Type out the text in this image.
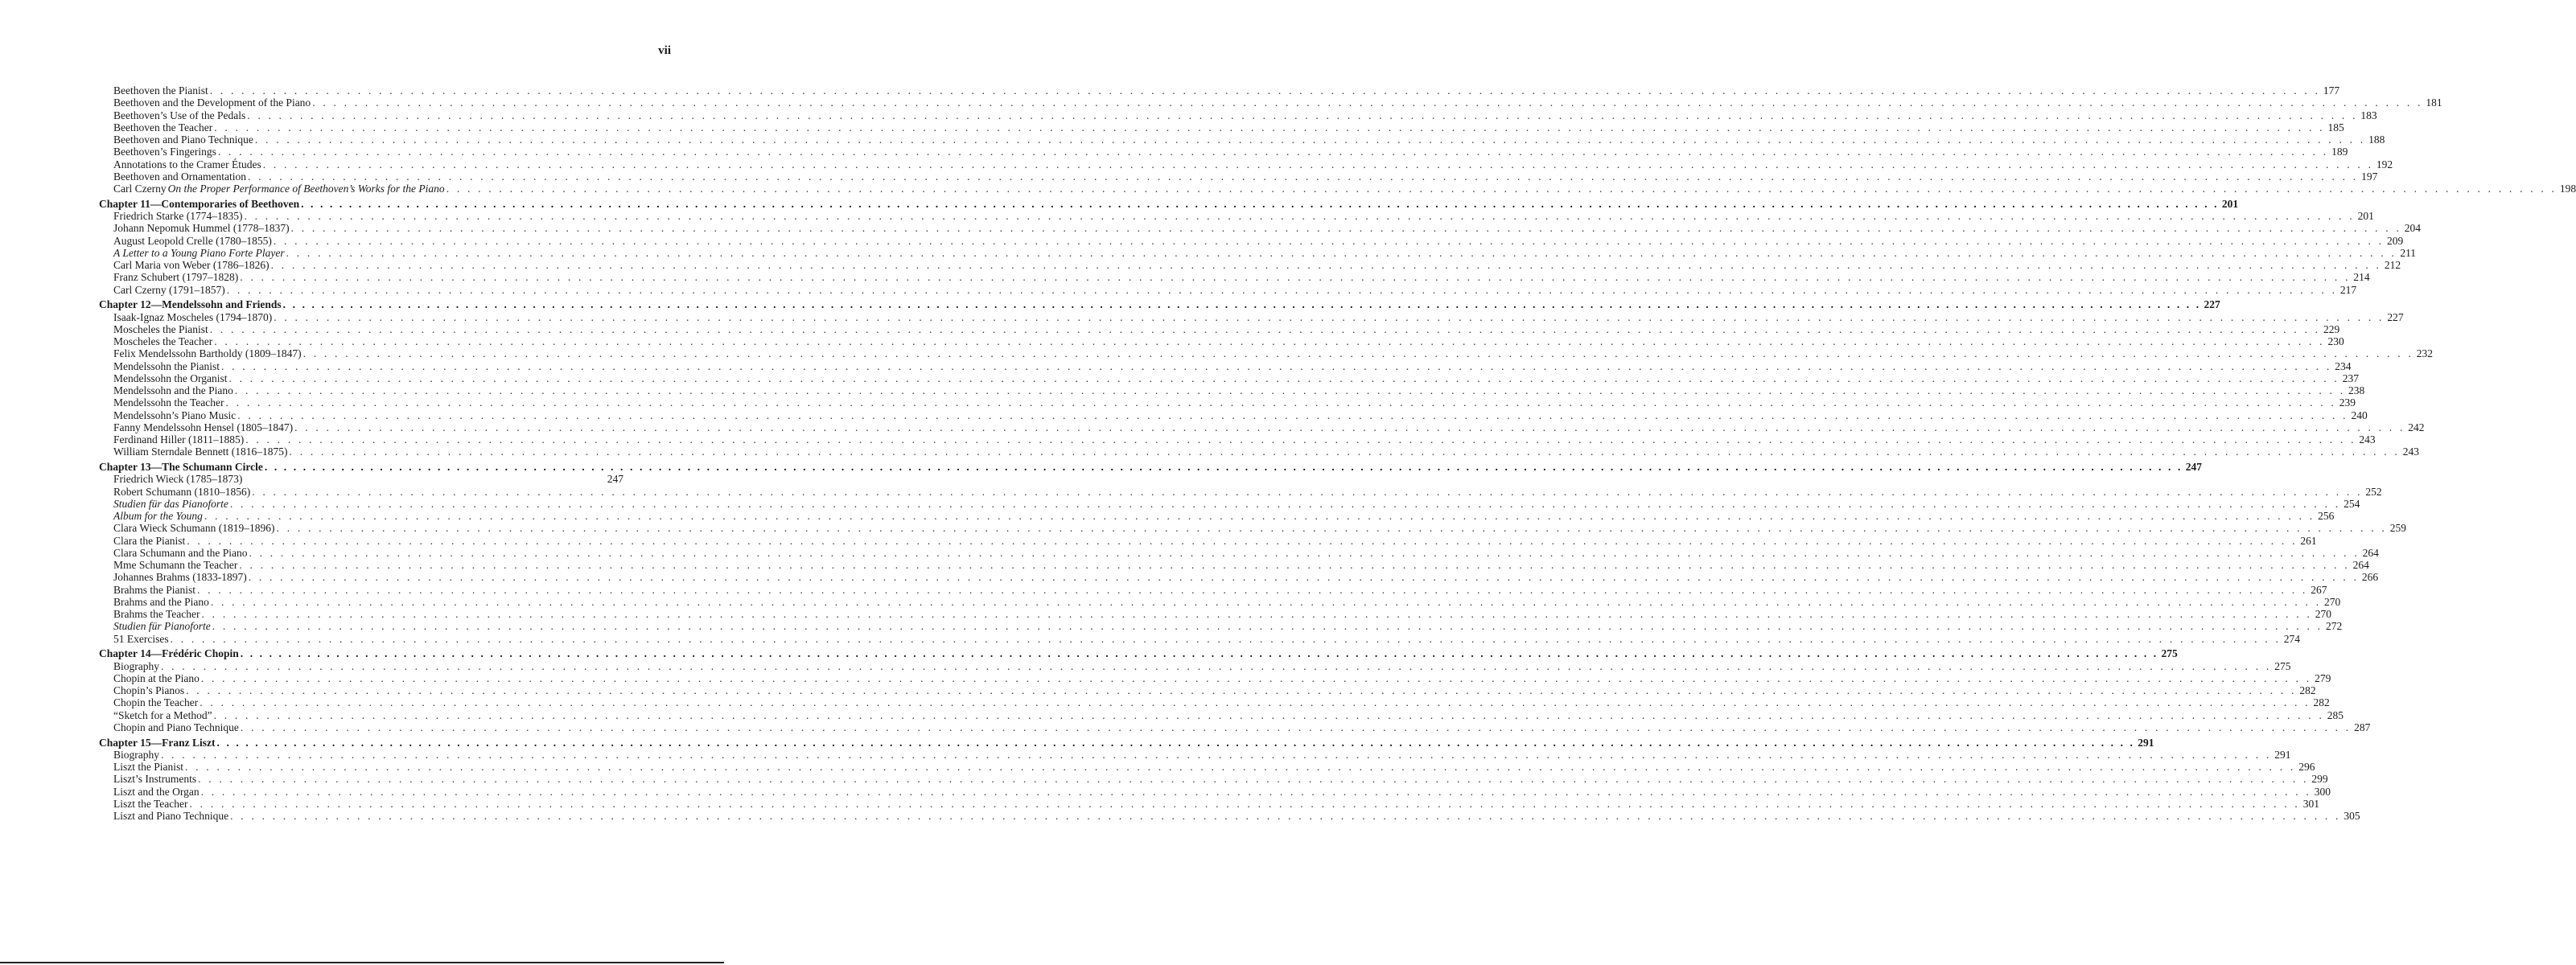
vii
Beethoven the Pianist . . . . . . . . . . . . . . . . . . . . . . . . . . . . . . . . . . . . . . . . . . . . . . . . . . . . . . . . . . . . . . . . . . . . . . . . . . . . . . . . . . . . . . . . . . . . . . . . . . . . . . . . . . . . . . . . . . . . . . . . . . . . . . . . . . . . . . . . . . . . . . . . . . . . . . . . . . . . . . . . . . . . . . . . . . . . . . . . . . . . . . . . . . . . . . . . . . . . . . . . 177
Beethoven and the Development of the Piano . . . . . . . . . . . . . . . . . . . . . . . . . . . . . . . . . . . . . . . . . . . . . . . . . . . . . . . . . . . . . . . . . . . . . . . . . . . . . . . . . . . . . . . . . . . . . . . . . . . . . . . . . . . . . . . . . . . . . . . . . . . . . . . . . . . . . . . . . . . . . . . . . . . . . . . . . . . . . . . . . . . . . . . . . . . . . . . . . . . . . . . . . . . . . . . . . . . . . . . . 181
Beethoven’s Use of the Pedals . . . . . . . . . . . . . . . . . . . . . . . . . . . . . . . . . . . . . . . . . . . . . . . . . . . . . . . . . . . . . . . . . . . . . . . . . . . . . . . . . . . . . . . . . . . . . . . . . . . . . . . . . . . . . . . . . . . . . . . . . . . . . . . . . . . . . . . . . . . . . . . . . . . . . . . . . . . . . . . . . . . . . . . . . . . . . . . . . . . . . . . . . . . . . . . . . . . . . . . . 183
Beethoven the Teacher . . . . . . . . . . . . . . . . . . . . . . . . . . . . . . . . . . . . . . . . . . . . . . . . . . . . . . . . . . . . . . . . . . . . . . . . . . . . . . . . . . . . . . . . . . . . . . . . . . . . . . . . . . . . . . . . . . . . . . . . . . . . . . . . . . . . . . . . . . . . . . . . . . . . . . . . . . . . . . . . . . . . . . . . . . . . . . . . . . . . . . . . . . . . . . . . . . . . . . . . 185
Beethoven and Piano Technique . . . . . . . . . . . . . . . . . . . . . . . . . . . . . . . . . . . . . . . . . . . . . . . . . . . . . . . . . . . . . . . . . . . . . . . . . . . . . . . . . . . . . . . . . . . . . . . . . . . . . . . . . . . . . . . . . . . . . . . . . . . . . . . . . . . . . . . . . . . . . . . . . . . . . . . . . . . . . . . . . . . . . . . . . . . . . . . . . . . . . . . . . . . . . . . . . . . . . . . . 188
Beethoven’s Fingerings . . . . . . . . . . . . . . . . . . . . . . . . . . . . . . . . . . . . . . . . . . . . . . . . . . . . . . . . . . . . . . . . . . . . . . . . . . . . . . . . . . . . . . . . . . . . . . . . . . . . . . . . . . . . . . . . . . . . . . . . . . . . . . . . . . . . . . . . . . . . . . . . . . . . . . . . . . . . . . . . . . . . . . . . . . . . . . . . . . . . . . . . . . . . . . . . . . . . . . . . 189
Annotations to the Cramer Études . . . . . . . . . . . . . . . . . . . . . . . . . . . . . . . . . . . . . . . . . . . . . . . . . . . . . . . . . . . . . . . . . . . . . . . . . . . . . . . . . . . . . . . . . . . . . . . . . . . . . . . . . . . . . . . . . . . . . . . . . . . . . . . . . . . . . . . . . . . . . . . . . . . . . . . . . . . . . . . . . . . . . . . . . . . . . . . . . . . . . . . . . . . . . . . . . . . . . . . . 192
Beethoven and Ornamentation . . . . . . . . . . . . . . . . . . . . . . . . . . . . . . . . . . . . . . . . . . . . . . . . . . . . . . . . . . . . . . . . . . . . . . . . . . . . . . . . . . . . . . . . . . . . . . . . . . . . . . . . . . . . . . . . . . . . . . . . . . . . . . . . . . . . . . . . . . . . . . . . . . . . . . . . . . . . . . . . . . . . . . . . . . . . . . . . . . . . . . . . . . . . . . . . . . . . . . . . 197
Carl Czerny On the Proper Performance of Beethoven’s Works for the Piano . . . . . . . . . . . . . . . . . . . . . . . . . . . . . . . . . . . . . . . . . . . . . . . . . . . . . . . . . . . . . . . . . . . . . . . . . . . . . . . . . . . . . . . . . . . . . . . . . . . . . . . . . . . . . . . . . . . . . . . . . . . . . . . . . . . . . . . . . . . . . . . . . . . . . . . . . . . . . . . . . . . . . . . . . . . . . . . . . . . . . . . . . . . . . . . . . . . . . . . . 198
Chapter 11—Contemporaries of Beethoven . . . . . . . . . . . . . . . . . . . . . . . . . . . . . . . . . . . . . . . . . . . . . . . . . . . . . . . . . . . . . . . . . . . . . . . . . . . . . . . . . . . . . . . . . . . . . . . . . . . . . . . . . . . . . . . . . . . . . . . . . . . . . . . . . . . . . . . . . . . . . . . . . . . . . . . . . . . . . . . . . . . . . . . . . . . . . . . . . . . . . . . . . . . . . . . . . . . . . . . . 201
Friedrich Starke (1774–1835) . . . . . . . . . . . . . . . . . . . . . . . . . . . . . . . . . . . . . . . . . . . . . . . . . . . . . . . . . . . . . . . . . . . . . . . . . . . . . . . . . . . . . . . . . . . . . . . . . . . . . . . . . . . . . . . . . . . . . . . . . . . . . . . . . . . . . . . . . . . . . . . . . . . . . . . . . . . . . . . . . . . . . . . . . . . . . . . . . . . . . . . . . . . . . . . . . . . . . . . . 201
Johann Nepomuk Hummel (1778–1837) . . . . . . . . . . . . . . . . . . . . . . . . . . . . . . . . . . . . . . . . . . . . . . . . . . . . . . . . . . . . . . . . . . . . . . . . . . . . . . . . . . . . . . . . . . . . . . . . . . . . . . . . . . . . . . . . . . . . . . . . . . . . . . . . . . . . . . . . . . . . . . . . . . . . . . . . . . . . . . . . . . . . . . . . . . . . . . . . . . . . . . . . . . . . . . . . . . . . . . . . 204
August Leopold Crelle (1780–1855) . . . . . . . . . . . . . . . . . . . . . . . . . . . . . . . . . . . . . . . . . . . . . . . . . . . . . . . . . . . . . . . . . . . . . . . . . . . . . . . . . . . . . . . . . . . . . . . . . . . . . . . . . . . . . . . . . . . . . . . . . . . . . . . . . . . . . . . . . . . . . . . . . . . . . . . . . . . . . . . . . . . . . . . . . . . . . . . . . . . . . . . . . . . . . . . . . . . . . . . . 209
A Letter to a Young Piano Forte Player . . . . . . . . . . . . . . . . . . . . . . . . . . . . . . . . . . . . . . . . . . . . . . . . . . . . . . . . . . . . . . . . . . . . . . . . . . . . . . . . . . . . . . . . . . . . . . . . . . . . . . . . . . . . . . . . . . . . . . . . . . . . . . . . . . . . . . . . . . . . . . . . . . . . . . . . . . . . . . . . . . . . . . . . . . . . . . . . . . . . . . . . . . . . . . . . . . . . . . . . 211
Carl Maria von Weber (1786–1826) . . . . . . . . . . . . . . . . . . . . . . . . . . . . . . . . . . . . . . . . . . . . . . . . . . . . . . . . . . . . . . . . . . . . . . . . . . . . . . . . . . . . . . . . . . . . . . . . . . . . . . . . . . . . . . . . . . . . . . . . . . . . . . . . . . . . . . . . . . . . . . . . . . . . . . . . . . . . . . . . . . . . . . . . . . . . . . . . . . . . . . . . . . . . . . . . . . . . . . . . 212
Franz Schubert (1797–1828) . . . . . . . . . . . . . . . . . . . . . . . . . . . . . . . . . . . . . . . . . . . . . . . . . . . . . . . . . . . . . . . . . . . . . . . . . . . . . . . . . . . . . . . . . . . . . . . . . . . . . . . . . . . . . . . . . . . . . . . . . . . . . . . . . . . . . . . . . . . . . . . . . . . . . . . . . . . . . . . . . . . . . . . . . . . . . . . . . . . . . . . . . . . . . . . . . . . . . . . . 214
Carl Czerny (1791–1857) . . . . . . . . . . . . . . . . . . . . . . . . . . . . . . . . . . . . . . . . . . . . . . . . . . . . . . . . . . . . . . . . . . . . . . . . . . . . . . . . . . . . . . . . . . . . . . . . . . . . . . . . . . . . . . . . . . . . . . . . . . . . . . . . . . . . . . . . . . . . . . . . . . . . . . . . . . . . . . . . . . . . . . . . . . . . . . . . . . . . . . . . . . . . . . . . . . . . . . . . 217
Chapter 12—Mendelssohn and Friends . . . . . . . . . . . . . . . . . . . . . . . . . . . . . . . . . . . . . . . . . . . . . . . . . . . . . . . . . . . . . . . . . . . . . . . . . . . . . . . . . . . . . . . . . . . . . . . . . . . . . . . . . . . . . . . . . . . . . . . . . . . . . . . . . . . . . . . . . . . . . . . . . . . . . . . . . . . . . . . . . . . . . . . . . . . . . . . . . . . . . . . . . . . . . . . . . . . . . . . . 227
Isaak-Ignaz Moscheles (1794–1870) . . . . . . . . . . . . . . . . . . . . . . . . . . . . . . . . . . . . . . . . . . . . . . . . . . . . . . . . . . . . . . . . . . . . . . . . . . . . . . . . . . . . . . . . . . . . . . . . . . . . . . . . . . . . . . . . . . . . . . . . . . . . . . . . . . . . . . . . . . . . . . . . . . . . . . . . . . . . . . . . . . . . . . . . . . . . . . . . . . . . . . . . . . . . . . . . . . . . . . . . 227
Moscheles the Pianist . . . . . . . . . . . . . . . . . . . . . . . . . . . . . . . . . . . . . . . . . . . . . . . . . . . . . . . . . . . . . . . . . . . . . . . . . . . . . . . . . . . . . . . . . . . . . . . . . . . . . . . . . . . . . . . . . . . . . . . . . . . . . . . . . . . . . . . . . . . . . . . . . . . . . . . . . . . . . . . . . . . . . . . . . . . . . . . . . . . . . . . . . . . . . . . . . . . . . . . . 229
Moscheles the Teacher . . . . . . . . . . . . . . . . . . . . . . . . . . . . . . . . . . . . . . . . . . . . . . . . . . . . . . . . . . . . . . . . . . . . . . . . . . . . . . . . . . . . . . . . . . . . . . . . . . . . . . . . . . . . . . . . . . . . . . . . . . . . . . . . . . . . . . . . . . . . . . . . . . . . . . . . . . . . . . . . . . . . . . . . . . . . . . . . . . . . . . . . . . . . . . . . . . . . . . . . 230
Felix Mendelssohn Bartholdy (1809–1847) . . . . . . . . . . . . . . . . . . . . . . . . . . . . . . . . . . . . . . . . . . . . . . . . . . . . . . . . . . . . . . . . . . . . . . . . . . . . . . . . . . . . . . . . . . . . . . . . . . . . . . . . . . . . . . . . . . . . . . . . . . . . . . . . . . . . . . . . . . . . . . . . . . . . . . . . . . . . . . . . . . . . . . . . . . . . . . . . . . . . . . . . . . . . . . . . . . . . . . . . 232
Mendelssohn the Pianist . . . . . . . . . . . . . . . . . . . . . . . . . . . . . . . . . . . . . . . . . . . . . . . . . . . . . . . . . . . . . . . . . . . . . . . . . . . . . . . . . . . . . . . . . . . . . . . . . . . . . . . . . . . . . . . . . . . . . . . . . . . . . . . . . . . . . . . . . . . . . . . . . . . . . . . . . . . . . . . . . . . . . . . . . . . . . . . . . . . . . . . . . . . . . . . . . . . . . . . . 234
Mendelssohn the Organist . . . . . . . . . . . . . . . . . . . . . . . . . . . . . . . . . . . . . . . . . . . . . . . . . . . . . . . . . . . . . . . . . . . . . . . . . . . . . . . . . . . . . . . . . . . . . . . . . . . . . . . . . . . . . . . . . . . . . . . . . . . . . . . . . . . . . . . . . . . . . . . . . . . . . . . . . . . . . . . . . . . . . . . . . . . . . . . . . . . . . . . . . . . . . . . . . . . . . . . . 237
Mendelssohn and the Piano . . . . . . . . . . . . . . . . . . . . . . . . . . . . . . . . . . . . . . . . . . . . . . . . . . . . . . . . . . . . . . . . . . . . . . . . . . . . . . . . . . . . . . . . . . . . . . . . . . . . . . . . . . . . . . . . . . . . . . . . . . . . . . . . . . . . . . . . . . . . . . . . . . . . . . . . . . . . . . . . . . . . . . . . . . . . . . . . . . . . . . . . . . . . . . . . . . . . . . . . 238
Mendelssohn the Teacher . . . . . . . . . . . . . . . . . . . . . . . . . . . . . . . . . . . . . . . . . . . . . . . . . . . . . . . . . . . . . . . . . . . . . . . . . . . . . . . . . . . . . . . . . . . . . . . . . . . . . . . . . . . . . . . . . . . . . . . . . . . . . . . . . . . . . . . . . . . . . . . . . . . . . . . . . . . . . . . . . . . . . . . . . . . . . . . . . . . . . . . . . . . . . . . . . . . . . . . . 239
Mendelssohn’s Piano Music . . . . . . . . . . . . . . . . . . . . . . . . . . . . . . . . . . . . . . . . . . . . . . . . . . . . . . . . . . . . . . . . . . . . . . . . . . . . . . . . . . . . . . . . . . . . . . . . . . . . . . . . . . . . . . . . . . . . . . . . . . . . . . . . . . . . . . . . . . . . . . . . . . . . . . . . . . . . . . . . . . . . . . . . . . . . . . . . . . . . . . . . . . . . . . . . . . . . . . . . 240
Fanny Mendelssohn Hensel (1805–1847) . . . . . . . . . . . . . . . . . . . . . . . . . . . . . . . . . . . . . . . . . . . . . . . . . . . . . . . . . . . . . . . . . . . . . . . . . . . . . . . . . . . . . . . . . . . . . . . . . . . . . . . . . . . . . . . . . . . . . . . . . . . . . . . . . . . . . . . . . . . . . . . . . . . . . . . . . . . . . . . . . . . . . . . . . . . . . . . . . . . . . . . . . . . . . . . . . . . . . . . . 242
Ferdinand Hiller (1811–1885) . . . . . . . . . . . . . . . . . . . . . . . . . . . . . . . . . . . . . . . . . . . . . . . . . . . . . . . . . . . . . . . . . . . . . . . . . . . . . . . . . . . . . . . . . . . . . . . . . . . . . . . . . . . . . . . . . . . . . . . . . . . . . . . . . . . . . . . . . . . . . . . . . . . . . . . . . . . . . . . . . . . . . . . . . . . . . . . . . . . . . . . . . . . . . . . . . . . . . . . . 243
William Sterndale Bennett (1816–1875) . . . . . . . . . . . . . . . . . . . . . . . . . . . . . . . . . . . . . . . . . . . . . . . . . . . . . . . . . . . . . . . . . . . . . . . . . . . . . . . . . . . . . . . . . . . . . . . . . . . . . . . . . . . . . . . . . . . . . . . . . . . . . . . . . . . . . . . . . . . . . . . . . . . . . . . . . . . . . . . . . . . . . . . . . . . . . . . . . . . . . . . . . . . . . . . . . . . . . . . . 243
Chapter 13—The Schumann Circle . . . . . . . . . . . . . . . . . . . . . . . . . . . . . . . . . . . . . . . . . . . . . . . . . . . . . . . . . . . . . . . . . . . . . . . . . . . . . . . . . . . . . . . . . . . . . . . . . . . . . . . . . . . . . . . . . . . . . . . . . . . . . . . . . . . . . . . . . . . . . . . . . . . . . . . . . . . . . . . . . . . . . . . . . . . . . . . . . . . . . . . . . . . . . . . . . . . . . . . . 247
Friedrich Wieck (1785–1873)	247
Robert Schumann (1810–1856) . . . . . . . . . . . . . . . . . . . . . . . . . . . . . . . . . . . . . . . . . . . . . . . . . . . . . . . . . . . . . . . . . . . . . . . . . . . . . . . . . . . . . . . . . . . . . . . . . . . . . . . . . . . . . . . . . . . . . . . . . . . . . . . . . . . . . . . . . . . . . . . . . . . . . . . . . . . . . . . . . . . . . . . . . . . . . . . . . . . . . . . . . . . . . . . . . . . . . . . . 252
Studien für das Pianoforte . . . . . . . . . . . . . . . . . . . . . . . . . . . . . . . . . . . . . . . . . . . . . . . . . . . . . . . . . . . . . . . . . . . . . . . . . . . . . . . . . . . . . . . . . . . . . . . . . . . . . . . . . . . . . . . . . . . . . . . . . . . . . . . . . . . . . . . . . . . . . . . . . . . . . . . . . . . . . . . . . . . . . . . . . . . . . . . . . . . . . . . . . . . . . . . . . . . . . . . . 254
Album for the Young . . . . . . . . . . . . . . . . . . . . . . . . . . . . . . . . . . . . . . . . . . . . . . . . . . . . . . . . . . . . . . . . . . . . . . . . . . . . . . . . . . . . . . . . . . . . . . . . . . . . . . . . . . . . . . . . . . . . . . . . . . . . . . . . . . . . . . . . . . . . . . . . . . . . . . . . . . . . . . . . . . . . . . . . . . . . . . . . . . . . . . . . . . . . . . . . . . . . . . . . 256
Clara Wieck Schumann (1819–1896) . . . . . . . . . . . . . . . . . . . . . . . . . . . . . . . . . . . . . . . . . . . . . . . . . . . . . . . . . . . . . . . . . . . . . . . . . . . . . . . . . . . . . . . . . . . . . . . . . . . . . . . . . . . . . . . . . . . . . . . . . . . . . . . . . . . . . . . . . . . . . . . . . . . . . . . . . . . . . . . . . . . . . . . . . . . . . . . . . . . . . . . . . . . . . . . . . . . . . . . . 259
Clara the Pianist . . . . . . . . . . . . . . . . . . . . . . . . . . . . . . . . . . . . . . . . . . . . . . . . . . . . . . . . . . . . . . . . . . . . . . . . . . . . . . . . . . . . . . . . . . . . . . . . . . . . . . . . . . . . . . . . . . . . . . . . . . . . . . . . . . . . . . . . . . . . . . . . . . . . . . . . . . . . . . . . . . . . . . . . . . . . . . . . . . . . . . . . . . . . . . . . . . . . . . . . 261
Clara Schumann and the Piano . . . . . . . . . . . . . . . . . . . . . . . . . . . . . . . . . . . . . . . . . . . . . . . . . . . . . . . . . . . . . . . . . . . . . . . . . . . . . . . . . . . . . . . . . . . . . . . . . . . . . . . . . . . . . . . . . . . . . . . . . . . . . . . . . . . . . . . . . . . . . . . . . . . . . . . . . . . . . . . . . . . . . . . . . . . . . . . . . . . . . . . . . . . . . . . . . . . . . . . . 264
Mme Schumann the Teacher . . . . . . . . . . . . . . . . . . . . . . . . . . . . . . . . . . . . . . . . . . . . . . . . . . . . . . . . . . . . . . . . . . . . . . . . . . . . . . . . . . . . . . . . . . . . . . . . . . . . . . . . . . . . . . . . . . . . . . . . . . . . . . . . . . . . . . . . . . . . . . . . . . . . . . . . . . . . . . . . . . . . . . . . . . . . . . . . . . . . . . . . . . . . . . . . . . . . . . . . 264
Johannes Brahms (1833-1897) . . . . . . . . . . . . . . . . . . . . . . . . . . . . . . . . . . . . . . . . . . . . . . . . . . . . . . . . . . . . . . . . . . . . . . . . . . . . . . . . . . . . . . . . . . . . . . . . . . . . . . . . . . . . . . . . . . . . . . . . . . . . . . . . . . . . . . . . . . . . . . . . . . . . . . . . . . . . . . . . . . . . . . . . . . . . . . . . . . . . . . . . . . . . . . . . . . . . . . . . 266
Brahms the Pianist . . . . . . . . . . . . . . . . . . . . . . . . . . . . . . . . . . . . . . . . . . . . . . . . . . . . . . . . . . . . . . . . . . . . . . . . . . . . . . . . . . . . . . . . . . . . . . . . . . . . . . . . . . . . . . . . . . . . . . . . . . . . . . . . . . . . . . . . . . . . . . . . . . . . . . . . . . . . . . . . . . . . . . . . . . . . . . . . . . . . . . . . . . . . . . . . . . . . . . . . 267
Brahms and the Piano . . . . . . . . . . . . . . . . . . . . . . . . . . . . . . . . . . . . . . . . . . . . . . . . . . . . . . . . . . . . . . . . . . . . . . . . . . . . . . . . . . . . . . . . . . . . . . . . . . . . . . . . . . . . . . . . . . . . . . . . . . . . . . . . . . . . . . . . . . . . . . . . . . . . . . . . . . . . . . . . . . . . . . . . . . . . . . . . . . . . . . . . . . . . . . . . . . . . . . . . 270
Brahms the Teacher . . . . . . . . . . . . . . . . . . . . . . . . . . . . . . . . . . . . . . . . . . . . . . . . . . . . . . . . . . . . . . . . . . . . . . . . . . . . . . . . . . . . . . . . . . . . . . . . . . . . . . . . . . . . . . . . . . . . . . . . . . . . . . . . . . . . . . . . . . . . . . . . . . . . . . . . . . . . . . . . . . . . . . . . . . . . . . . . . . . . . . . . . . . . . . . . . . . . . . . . 270
Studien für Pianoforte . . . . . . . . . . . . . . . . . . . . . . . . . . . . . . . . . . . . . . . . . . . . . . . . . . . . . . . . . . . . . . . . . . . . . . . . . . . . . . . . . . . . . . . . . . . . . . . . . . . . . . . . . . . . . . . . . . . . . . . . . . . . . . . . . . . . . . . . . . . . . . . . . . . . . . . . . . . . . . . . . . . . . . . . . . . . . . . . . . . . . . . . . . . . . . . . . . . . . . . . 272
51 Exercises . . . . . . . . . . . . . . . . . . . . . . . . . . . . . . . . . . . . . . . . . . . . . . . . . . . . . . . . . . . . . . . . . . . . . . . . . . . . . . . . . . . . . . . . . . . . . . . . . . . . . . . . . . . . . . . . . . . . . . . . . . . . . . . . . . . . . . . . . . . . . . . . . . . . . . . . . . . . . . . . . . . . . . . . . . . . . . . . . . . . . . . . . . . . . . . . . . . . . . . . 274
Chapter 14—Frédéric Chopin . . . . . . . . . . . . . . . . . . . . . . . . . . . . . . . . . . . . . . . . . . . . . . . . . . . . . . . . . . . . . . . . . . . . . . . . . . . . . . . . . . . . . . . . . . . . . . . . . . . . . . . . . . . . . . . . . . . . . . . . . . . . . . . . . . . . . . . . . . . . . . . . . . . . . . . . . . . . . . . . . . . . . . . . . . . . . . . . . . . . . . . . . . . . . . . . . . . . . . . . 275
Biography . . . . . . . . . . . . . . . . . . . . . . . . . . . . . . . . . . . . . . . . . . . . . . . . . . . . . . . . . . . . . . . . . . . . . . . . . . . . . . . . . . . . . . . . . . . . . . . . . . . . . . . . . . . . . . . . . . . . . . . . . . . . . . . . . . . . . . . . . . . . . . . . . . . . . . . . . . . . . . . . . . . . . . . . . . . . . . . . . . . . . . . . . . . . . . . . . . . . . . . . 275
Chopin at the Piano . . . . . . . . . . . . . . . . . . . . . . . . . . . . . . . . . . . . . . . . . . . . . . . . . . . . . . . . . . . . . . . . . . . . . . . . . . . . . . . . . . . . . . . . . . . . . . . . . . . . . . . . . . . . . . . . . . . . . . . . . . . . . . . . . . . . . . . . . . . . . . . . . . . . . . . . . . . . . . . . . . . . . . . . . . . . . . . . . . . . . . . . . . . . . . . . . . . . . . . . 279
Chopin’s Pianos . . . . . . . . . . . . . . . . . . . . . . . . . . . . . . . . . . . . . . . . . . . . . . . . . . . . . . . . . . . . . . . . . . . . . . . . . . . . . . . . . . . . . . . . . . . . . . . . . . . . . . . . . . . . . . . . . . . . . . . . . . . . . . . . . . . . . . . . . . . . . . . . . . . . . . . . . . . . . . . . . . . . . . . . . . . . . . . . . . . . . . . . . . . . . . . . . . . . . . . . 282
Chopin the Teacher . . . . . . . . . . . . . . . . . . . . . . . . . . . . . . . . . . . . . . . . . . . . . . . . . . . . . . . . . . . . . . . . . . . . . . . . . . . . . . . . . . . . . . . . . . . . . . . . . . . . . . . . . . . . . . . . . . . . . . . . . . . . . . . . . . . . . . . . . . . . . . . . . . . . . . . . . . . . . . . . . . . . . . . . . . . . . . . . . . . . . . . . . . . . . . . . . . . . . . . . 282
“Sketch for a Method” . . . . . . . . . . . . . . . . . . . . . . . . . . . . . . . . . . . . . . . . . . . . . . . . . . . . . . . . . . . . . . . . . . . . . . . . . . . . . . . . . . . . . . . . . . . . . . . . . . . . . . . . . . . . . . . . . . . . . . . . . . . . . . . . . . . . . . . . . . . . . . . . . . . . . . . . . . . . . . . . . . . . . . . . . . . . . . . . . . . . . . . . . . . . . . . . . . . . . . . . 285
Chopin and Piano Technique . . . . . . . . . . . . . . . . . . . . . . . . . . . . . . . . . . . . . . . . . . . . . . . . . . . . . . . . . . . . . . . . . . . . . . . . . . . . . . . . . . . . . . . . . . . . . . . . . . . . . . . . . . . . . . . . . . . . . . . . . . . . . . . . . . . . . . . . . . . . . . . . . . . . . . . . . . . . . . . . . . . . . . . . . . . . . . . . . . . . . . . . . . . . . . . . . . . . . . . . 287
Chapter 15—Franz Liszt . . . . . . . . . . . . . . . . . . . . . . . . . . . . . . . . . . . . . . . . . . . . . . . . . . . . . . . . . . . . . . . . . . . . . . . . . . . . . . . . . . . . . . . . . . . . . . . . . . . . . . . . . . . . . . . . . . . . . . . . . . . . . . . . . . . . . . . . . . . . . . . . . . . . . . . . . . . . . . . . . . . . . . . . . . . . . . . . . . . . . . . . . . . . . . . . . . . . . . . . 291
Biography . . . . . . . . . . . . . . . . . . . . . . . . . . . . . . . . . . . . . . . . . . . . . . . . . . . . . . . . . . . . . . . . . . . . . . . . . . . . . . . . . . . . . . . . . . . . . . . . . . . . . . . . . . . . . . . . . . . . . . . . . . . . . . . . . . . . . . . . . . . . . . . . . . . . . . . . . . . . . . . . . . . . . . . . . . . . . . . . . . . . . . . . . . . . . . . . . . . . . . . . 291
Liszt the Pianist . . . . . . . . . . . . . . . . . . . . . . . . . . . . . . . . . . . . . . . . . . . . . . . . . . . . . . . . . . . . . . . . . . . . . . . . . . . . . . . . . . . . . . . . . . . . . . . . . . . . . . . . . . . . . . . . . . . . . . . . . . . . . . . . . . . . . . . . . . . . . . . . . . . . . . . . . . . . . . . . . . . . . . . . . . . . . . . . . . . . . . . . . . . . . . . . . . . . . . . . 296
Liszt’s Instruments . . . . . . . . . . . . . . . . . . . . . . . . . . . . . . . . . . . . . . . . . . . . . . . . . . . . . . . . . . . . . . . . . . . . . . . . . . . . . . . . . . . . . . . . . . . . . . . . . . . . . . . . . . . . . . . . . . . . . . . . . . . . . . . . . . . . . . . . . . . . . . . . . . . . . . . . . . . . . . . . . . . . . . . . . . . . . . . . . . . . . . . . . . . . . . . . . . . . . . . . 299
Liszt and the Organ . . . . . . . . . . . . . . . . . . . . . . . . . . . . . . . . . . . . . . . . . . . . . . . . . . . . . . . . . . . . . . . . . . . . . . . . . . . . . . . . . . . . . . . . . . . . . . . . . . . . . . . . . . . . . . . . . . . . . . . . . . . . . . . . . . . . . . . . . . . . . . . . . . . . . . . . . . . . . . . . . . . . . . . . . . . . . . . . . . . . . . . . . . . . . . . . . . . . . . . . 300
Liszt the Teacher . . . . . . . . . . . . . . . . . . . . . . . . . . . . . . . . . . . . . . . . . . . . . . . . . . . . . . . . . . . . . . . . . . . . . . . . . . . . . . . . . . . . . . . . . . . . . . . . . . . . . . . . . . . . . . . . . . . . . . . . . . . . . . . . . . . . . . . . . . . . . . . . . . . . . . . . . . . . . . . . . . . . . . . . . . . . . . . . . . . . . . . . . . . . . . . . . . . . . . . . 301
Liszt and Piano Technique . . . . . . . . . . . . . . . . . . . . . . . . . . . . . . . . . . . . . . . . . . . . . . . . . . . . . . . . . . . . . . . . . . . . . . . . . . . . . . . . . . . . . . . . . . . . . . . . . . . . . . . . . . . . . . . . . . . . . . . . . . . . . . . . . . . . . . . . . . . . . . . . . . . . . . . . . . . . . . . . . . . . . . . . . . . . . . . . . . . . . . . . . . . . . . . . . . . . . . . . 305
